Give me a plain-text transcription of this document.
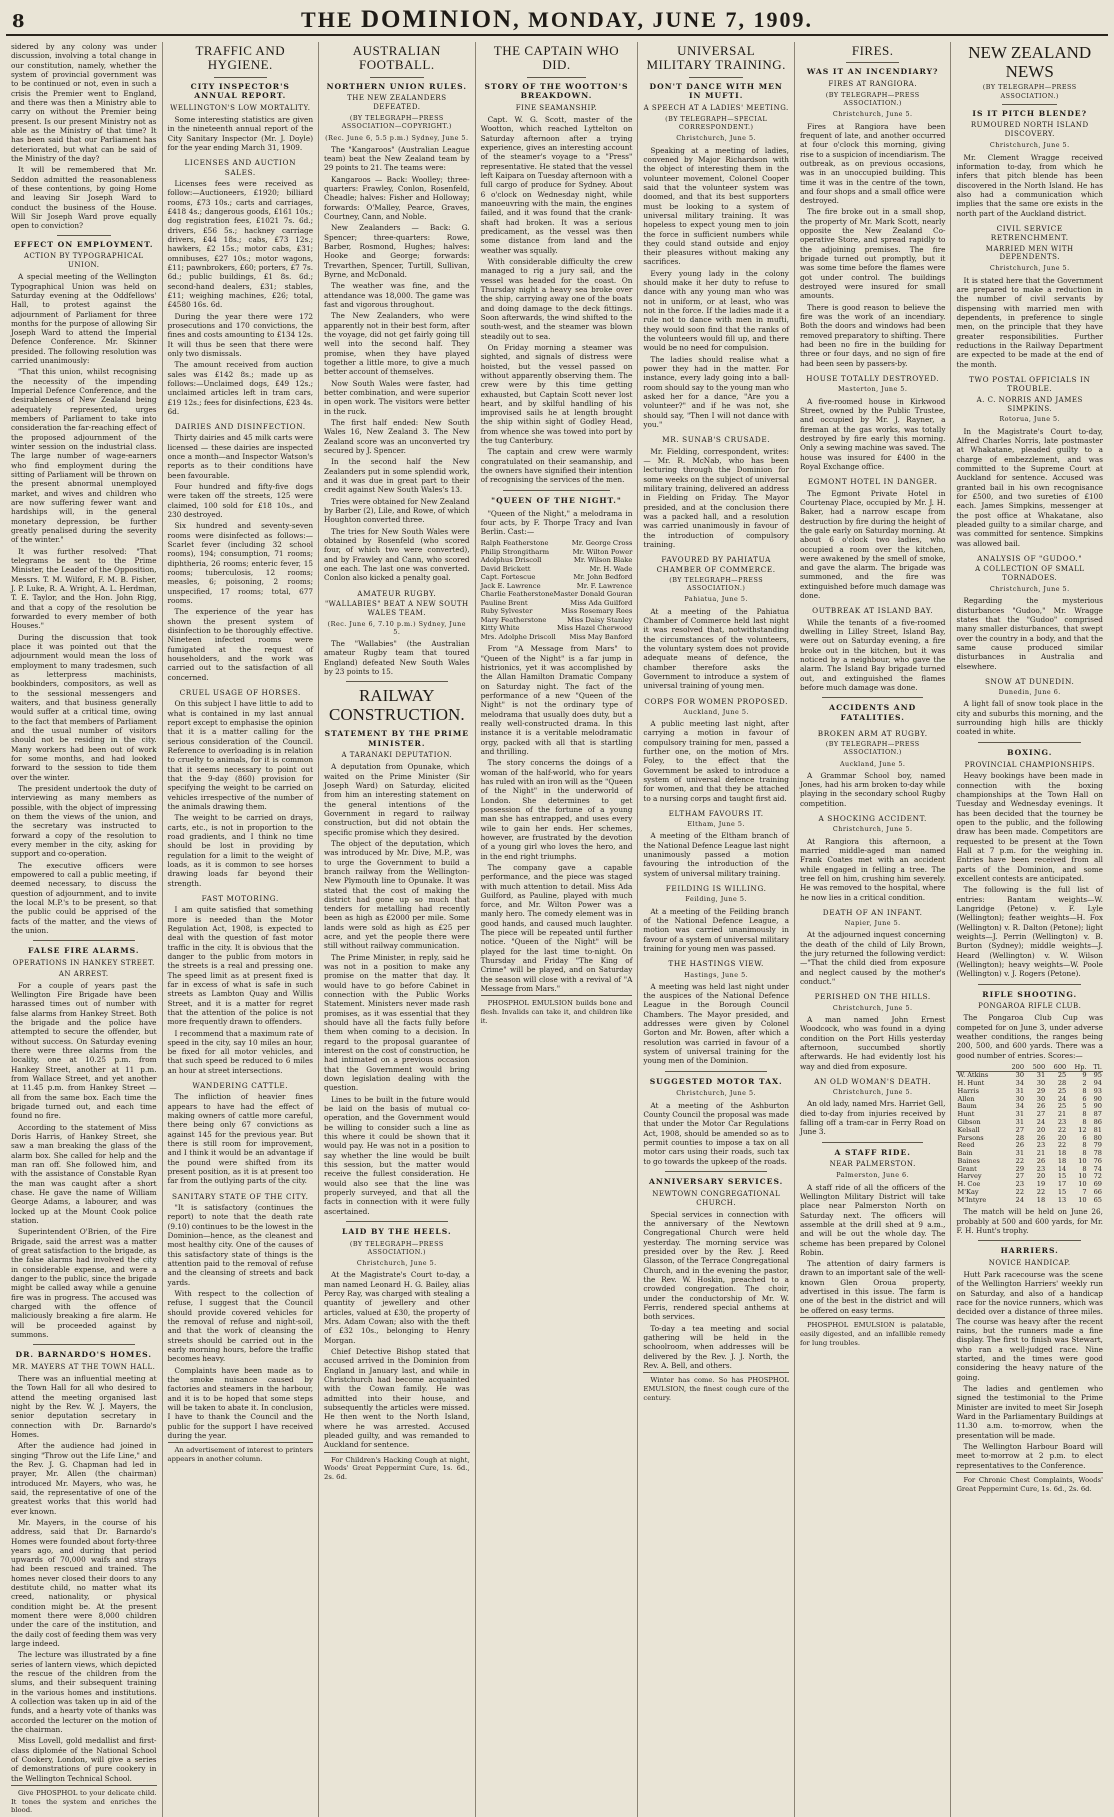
8	THE DOMINION, MONDAY, JUNE 7, 1909.

sidered by any colony was under discussion, involving a total change in our constitution, namely, whether the system of provincial government was to be continued or not, even in such a crisis the Premier went to England, and there was then a Ministry able to carry on without the Premier being present. Is our present Ministry not as able as the Ministry of that time? It has been said that our Parliament has deteriorated, but what can be said of the Ministry of the day?

It will be remembered that Mr. Seddon admitted the reasonableness of these contentions, by going Home and leaving Sir Joseph Ward to conduct the business of the House. Will Sir Joseph Ward prove equally open to conviction?

EFFECT ON EMPLOYMENT.
ACTION BY TYPOGRAPHICAL UNION.

A special meeting of the Wellington Typographical Union was held on Saturday evening at the Oddfellows' Hall, to protest against the adjournment of Parliament for three months for the purpose of allowing Sir Joseph Ward to attend the Imperial Defence Conference. Mr. Skinner presided. The following resolution was carried unanimously:

"That this union, whilst recognising the necessity of the impending Imperial Defence Conference, and the desirableness of New Zealand being adequately represented, urges members of Parliament to take into consideration the far-reaching effect of the proposed adjournment of the winter session on the industrial class. The large number of wage-earners who find employment during the sitting of Parliament will be thrown on the present abnormal unemployed market, and wives and children who are now suffering fewer want and hardships will, in the general monetary depression, be further greatly penalised during the severity of the winter."

It was further resolved: "That telegrams be sent to the Prime Minister, the Leader of the Opposition, Messrs. T. M. Wilford, F. M. B. Fisher, J. P. Luke, R. A. Wright, A. L. Herdman, T. E. Taylor, and the Hon. John Rigg, and that a copy of the resolution be forwarded to every member of both Houses."

During the discussion that took place it was pointed out that the adjournment would mean the loss of employment to many tradesmen, such as letterpress machinists, bookbinders, compositors, as well as to the sessional messengers and waiters, and that business generally would suffer at a critical time, owing to the fact that members of Parliament and the usual number of visitors should not be residing in the city. Many workers had been out of work for some months, and had looked forward to the session to tide them over the winter.

The president undertook the duty of interviewing as many members as possible, with the object of impressing on them the views of the union, and the secretary was instructed to forward a copy of the resolution to every member in the city, asking for support and co-operation.

The executive officers were empowered to call a public meeting, if deemed necessary, to discuss the question of adjournment, and to invite the local M.P.'s to be present, so that the public could be apprised of the facts of the matter, and the views of the union.

FALSE FIRE ALARMS.
OPERATIONS IN HANKEY STREET.
AN ARREST.

For a couple of years past the Wellington Fire Brigade have been harassed times out of number with false alarms from Hankey Street. Both the brigade and the police have attempted to secure the offender, but without success. On Saturday evening there were three alarms from the locality, one at 10.25 p.m. from Hankey Street, another at 11 p.m. from Wallace Street, and yet another at 11.45 p.m. from Hankey Street — all from the same box. Each time the brigade turned out, and each time found no fire.

According to the statement of Miss Doris Harris, of Hankey Street, she saw a man breaking the glass of the alarm box. She called for help and the man ran off. She followed him, and with the assistance of Constable Ryan the man was caught after a short chase. He gave the name of William George Adams, a labourer, and was locked up at the Mount Cook police station.

Superintendent O'Brien, of the Fire Brigade, said the arrest was a matter of great satisfaction to the brigade, as the false alarms had involved the city in considerable expense, and were a danger to the public, since the brigade might be called away while a genuine fire was in progress. The accused was charged with the offence of maliciously breaking a fire alarm. He will be proceeded against by summons.

DR. BARNARDO'S HOMES.
MR. MAYERS AT THE TOWN HALL.

There was an influential meeting at the Town Hall for all who desired to attend the meeting organised last night by the Rev. W. J. Mayers, the senior deputation secretary in connection with Dr. Barnardo's Homes.

After the audience had joined in singing "Throw out the Life Line," and the Rev. J. G. Chapman had led in prayer, Mr. Allen (the chairman) introduced Mr. Mayers, who was, he said, the representative of one of the greatest works that this world had ever known.

Mr. Mayers, in the course of his address, said that Dr. Barnardo's Homes were founded about forty-three years ago, and during that period upwards of 70,000 waifs and strays had been rescued and trained. The homes never closed their doors to any destitute child, no matter what its creed, nationality, or physical condition might be. At the present moment there were 8,000 children under the care of the institution, and the daily cost of feeding them was very large indeed.

The lecture was illustrated by a fine series of lantern views, which depicted the rescue of the children from the slums, and their subsequent training in the various homes and institutions. A collection was taken up in aid of the funds, and a hearty vote of thanks was accorded the lecturer on the motion of the chairman.

Miss Lovell, gold medallist and first-class diplomée of the National School of Cookery, London, will give a series of demonstrations of pure cookery in the Wellington Technical School.

Give PHOSPHOL to your delicate child. It tones the system and enriches the blood.

TRAFFIC AND HYGIENE.
CITY INSPECTOR'S ANNUAL REPORT.
WELLINGTON'S LOW MORTALITY.

Some interesting statistics are given in the nineteenth annual report of the City Sanitary Inspector (Mr. J. Doyle) for the year ending March 31, 1909.

LICENSES AND AUCTION SALES.

Licenses fees were received as follow:—Auctioneers, £1920; billiard rooms, £73 10s.; carts and carriages, £418 4s.; dangerous goods, £161 10s.; dog registration fees, £1021 7s. 6d.; drivers, £56 5s.; hackney carriage drivers, £44 18s.; cabs, £73 12s.; hawkers, £2 15s.; motor cabs, £31; omnibuses, £27 10s.; motor wagons, £11; pawnbrokers, £60; porters, £7 7s. 6d.; public buildings, £1 8s. 6d.; second-hand dealers, £31; stables, £11; weighing machines, £26; total, £4580 16s. 6d.

During the year there were 172 prosecutions and 170 convictions, the fines and costs amounting to £134 12s. It will thus be seen that there were only two dismissals.

The amount received from auction sales was £142 8s.; made up as follows:—Unclaimed dogs, £49 12s.; unclaimed articles left in tram cars, £19 12s.; fees for disinfections, £23 4s. 6d.

DAIRIES AND DISINFECTION.

Thirty dairies and 45 milk carts were licensed — these dairies are inspected once a month—and Inspector Watson's reports as to their conditions have been favourable.

Four hundred and fifty-five dogs were taken off the streets, 125 were claimed, 100 sold for £18 10s., and 230 destroyed.

Six hundred and seventy-seven rooms were disinfected as follows:—Scarlet fever (including 32 school rooms), 194; consumption, 71 rooms; diphtheria, 26 rooms; enteric fever, 15 rooms; tuberculosis, 12 rooms; measles, 6; poisoning, 2 rooms; unspecified, 17 rooms; total, 677 rooms.

The experience of the year has shown the present system of disinfection to be thoroughly effective. Nineteen infected rooms were fumigated at the request of householders, and the work was carried out to the satisfaction of all concerned.

CRUEL USAGE OF HORSES.

On this subject I have little to add to what is contained in my last annual report except to emphasise the opinion that it is a matter calling for the serious consideration of the Council. Reference to overloading is in relation to cruelty to animals, for it is common that it seems necessary to point out that the 9-day (860) provision for specifying the weight to be carried on vehicles irrespective of the number of the animals drawing them.

The weight to be carried on drays, carts, etc., is not in proportion to the road gradients, and I think no time should be lost in providing by regulation for a limit to the weight of loads, as it is common to see horses drawing loads far beyond their strength.

FAST MOTORING.

I am quite satisfied that something more is needed than the Motor Regulation Act, 1908, is expected to deal with the question of fast motor traffic in the city. It is obvious that the danger to the public from motors in the streets is a real and pressing one. The speed limit as at present fixed is far in excess of what is safe in such streets as Lambton Quay and Willis Street, and it is a matter for regret that the attention of the police is not more frequently drawn to offenders.

I recommend that a maximum rate of speed in the city, say 10 miles an hour, be fixed for all motor vehicles, and that such speed be reduced to 6 miles an hour at street intersections.

WANDERING CATTLE.

The infliction of heavier fines appears to have had the effect of making owners of cattle more careful, there being only 67 convictions as against 145 for the previous year. But there is still room for improvement, and I think it would be an advantage if the pound were shifted from its present position, as it is at present too far from the outlying parts of the city.

SANITARY STATE OF THE CITY.

"It is satisfactory (continues the report) to note that the death rate (9.10) continues to be the lowest in the Dominion—hence, as the cleanest and most healthy city. One of the causes of this satisfactory state of things is the attention paid to the removal of refuse and the cleansing of streets and back yards.

With respect to the collection of refuse, I suggest that the Council should provide covered vehicles for the removal of refuse and night-soil, and that the work of cleansing the streets should be carried out in the early morning hours, before the traffic becomes heavy.

Complaints have been made as to the smoke nuisance caused by factories and steamers in the harbour, and it is to be hoped that some steps will be taken to abate it. In conclusion, I have to thank the Council and the public for the support I have received during the year.

An advertisement of interest to printers appears in another column.

AUSTRALIAN FOOTBALL.
NORTHERN UNION RULES.
THE NEW ZEALANDERS DEFEATED.
(BY TELEGRAPH—PRESS ASSOCIATION—COPYRIGHT.)
(Rec. June 6, 5.5 p.m.) Sydney, June 5.

The "Kangaroos" (Australian League team) beat the New Zealand team by 29 points to 21. The teams were:

Kangaroos — Back: Woolley; three-quarters: Frawley, Conlon, Rosenfeld, Cheadle; halves: Fisher and Holloway; forwards: O'Malley, Pearce, Graves, Courtney, Cann, and Noble.

New Zealanders — Back: G. Spencer; three-quarters: Rowe, Barber, Rosmond, Hughes; halves: Hooke and George; forwards: Trevarthen, Spencer, Turtill, Sullivan, Byrne, and McDonald.

The weather was fine, and the attendance was 18,000. The game was fast and vigorous throughout.

The New Zealanders, who were apparently not in their best form, after the voyage, did not get fairly going till well into the second half. They promise, when they have played together a little more, to give a much better account of themselves.

Now South Wales were faster, had better combination, and were superior in open work. The visitors were better in the ruck.

The first half ended: New South Wales 16, New Zealand 3. The New Zealand score was an unconverted try secured by J. Spencer.

In the second half the New Zealanders put in some splendid work, and it was due in great part to their credit against New South Wales's 13.

Tries were obtained for New Zealand by Barber (2), Lile, and Rowe, of which Houghton converted three.

The tries for New South Wales were obtained by Rosenfeld (who scored four, of which two were converted), and by Frawley and Cann, who scored one each. The last one was converted. Conlon also kicked a penalty goal.

AMATEUR RUGBY.
"WALLABIES" BEAT A NEW SOUTH WALES TEAM.
(Rec. June 6, 7.10 p.m.) Sydney, June 5.

The "Wallabies" (the Australian amateur Rugby team that toured England) defeated New South Wales by 23 points to 15.

RAILWAY CONSTRUCTION.
STATEMENT BY THE PRIME MINISTER.
A TARANAKI DEPUTATION.

A deputation from Opunake, which waited on the Prime Minister (Sir Joseph Ward) on Saturday, elicited from him an interesting statement on the general intentions of the Government in regard to railway construction, but did not obtain the specific promise which they desired.

The object of the deputation, which was introduced by Mr. Dive, M.P., was to urge the Government to build a branch railway from the Wellington-New Plymouth line to Opunake. It was stated that the cost of making the district had gone up so much that tenders for metalling had recently been as high as £2000 per mile. Some lands were sold as high as £25 per acre, and yet the people there were still without railway communication.

The Prime Minister, in reply, said he was not in a position to make any promise on the matter that day. It would have to go before Cabinet in connection with the Public Works Statement. Ministers never made rash promises, as it was essential that they should have all the facts fully before them when coming to a decision. In regard to the proposal guarantee of interest on the cost of construction, he had intimated on a previous occasion that the Government would bring down legislation dealing with the question.

Lines to be built in the future would be laid on the basis of mutual co-operation, and the Government would be willing to consider such a line as this where it could be shown that it would pay. He was not in a position to say whether the line would be built this session, but the matter would receive the fullest consideration. He would also see that the line was properly surveyed, and that all the facts in connection with it were fully ascertained.

LAID BY THE HEELS.
(BY TELEGRAPH—PRESS ASSOCIATION.)
Christchurch, June 5.

At the Magistrate's Court to-day, a man named Leonard H. G. Bailey, alias Percy Ray, was charged with stealing a quantity of jewellery and other articles, valued at £30, the property of Mrs. Adam Cowan; also with the theft of £32 10s., belonging to Henry Morgan.

Chief Detective Bishop stated that accused arrived in the Dominion from England in January last, and while in Christchurch had become acquainted with the Cowan family. He was admitted into their house, and subsequently the articles were missed. He then went to the North Island, where he was arrested. Accused pleaded guilty, and was remanded to Auckland for sentence.

For Children's Hacking Cough at night, Woods' Great Peppermint Cure, 1s. 6d., 2s. 6d.

THE CAPTAIN WHO DID.
STORY OF THE WOOTTON'S BREAKDOWN.
FINE SEAMANSHIP.

Capt. W. G. Scott, master of the Wootton, which reached Lyttelton on Saturday afternoon after a trying experience, gives an interesting account of the steamer's voyage to a "Press" representative. He stated that the vessel left Kaipara on Tuesday afternoon with a full cargo of produce for Sydney. About 6 o'clock on Wednesday night, while manoeuvring with the main, the engines failed, and it was found that the crank-shaft had broken. It was a serious predicament, as the vessel was then some distance from land and the weather was squally.

With considerable difficulty the crew managed to rig a jury sail, and the vessel was headed for the coast. On Thursday night a heavy sea broke over the ship, carrying away one of the boats and doing damage to the deck fittings. Soon afterwards, the wind shifted to the south-west, and the steamer was blown steadily out to sea.

On Friday morning a steamer was sighted, and signals of distress were hoisted, but the vessel passed on without apparently observing them. The crew were by this time getting exhausted, but Captain Scott never lost heart, and by skilful handling of his improvised sails he at length brought the ship within sight of Godley Head, from whence she was towed into port by the tug Canterbury.

The captain and crew were warmly congratulated on their seamanship, and the owners have signified their intention of recognising the services of the men.

"QUEEN OF THE NIGHT."

"Queen of the Night," a melodrama in four acts, by F. Thorpe Tracy and Ivan Berlin. Cast:—

Ralph Featherstone	Mr. George Cross
Philip Strongitharm	Mr. Wilton Power
Adolphus Driscoll	Mr. Wilson Blake
David Brickett	Mr. H. Wade
Capt. Fortescue	Mr. John Bedford
Jack E. Lawrence	Mr. F. Lawrence
Charlie Featherstone Master Donald Gouran
Pauline Brent	Miss Ada Guilford
Ruby Sylvester	Miss Rosemary Rees
Mary Featherstone	Miss Daisy Stanley
Kitty White	Miss Hazel Cherwood
Mrs. Adolphe Driscoll Miss May Banford

From "A Message from Mars" to "Queen of the Night" is a far jump in histrionics, yet it was accomplished by the Allan Hamilton Dramatic Company on Saturday night. The fact of the performance of a new "Queen of the Night" is not the ordinary type of melodrama that usually does duty, but a really well-constructed drama. In this instance it is a veritable melodramatic orgy, packed with all that is startling and thrilling.

The story concerns the doings of a woman of the half-world, who for years has ruled with an iron will as the "Queen of the Night" in the underworld of London. She determines to get possession of the fortune of a young man she has entrapped, and uses every wile to gain her ends. Her schemes, however, are frustrated by the devotion of a young girl who loves the hero, and in the end right triumphs.

The company gave a capable performance, and the piece was staged with much attention to detail. Miss Ada Guilford, as Pauline, played with much force, and Mr. Wilton Power was a manly hero. The comedy element was in good hands, and caused much laughter. The piece will be repeated until further notice. "Queen of the Night" will be played for the last time to-night. On Thursday and Friday "The King of Crime" will be played, and on Saturday the season will close with a revival of "A Message from Mars."

PHOSPHOL EMULSION builds bone and flesh. Invalids can take it, and children like it.

UNIVERSAL MILITARY TRAINING.
DON'T DANCE WITH MEN IN MUFTI.
A SPEECH AT A LADIES' MEETING.
(BY TELEGRAPH—SPECIAL CORRESPONDENT.)
Christchurch, June 5.

Speaking at a meeting of ladies, convened by Major Richardson with the object of interesting them in the volunteer movement, Colonel Cooper said that the volunteer system was doomed, and that its best supporters must be looking to a system of universal military training. It was hopeless to expect young men to join the force in sufficient numbers while they could stand outside and enjoy their pleasures without making any sacrifices.

Every young lady in the colony should make it her duty to refuse to dance with any young man who was not in uniform, or at least, who was not in the force. If the ladies made it a rule not to dance with men in mufti, they would soon find that the ranks of the volunteers would fill up, and there would be no need for compulsion.

The ladies should realise what a power they had in the matter. For instance, every lady going into a ball-room should say to the young man who asked her for a dance, "Are you a volunteer?" and if he was not, she should say, "Then I will not dance with you."

MR. SUNAB'S CRUSADE.

Mr. Fielding, correspondent, writes:— Mr. R. McNab, who has been lecturing through the Dominion for some weeks on the subject of universal military training, delivered an address in Fielding on Friday. The Mayor presided, and at the conclusion there was a packed hall, and a resolution was carried unanimously in favour of the introduction of compulsory training.

FAVOURED BY PAHIATUA CHAMBER OF COMMERCE.
(BY TELEGRAPH—PRESS ASSOCIATION.)
Pahiatua, June 5.

At a meeting of the Pahiatua Chamber of Commerce held last night it was resolved that, notwithstanding the circumstances of the volunteers, the voluntary system does not provide adequate means of defence, the chamber therefore asks the Government to introduce a system of universal training of young men.

CORPS FOR WOMEN PROPOSED.
Auckland, June 5.

A public meeting last night, after carrying a motion in favour of compulsory training for men, passed a further one, on the motion of Mrs. Foley, to the effect that the Government be asked to introduce a system of universal defence training for women, and that they be attached to a nursing corps and taught first aid.

ELTHAM FAVOURS IT.
Eltham, June 5.

A meeting of the Eltham branch of the National Defence League last night unanimously passed a motion favouring the introduction of the system of universal military training.

FEILDING IS WILLING.
Feilding, June 5.

At a meeting of the Feilding branch of the National Defence League, a motion was carried unanimously in favour of a system of universal military training for young men was passed.

THE HASTINGS VIEW.
Hastings, June 5.

A meeting was held last night under the auspices of the National Defence League in the Borough Council Chambers. The Mayor presided, and addresses were given by Colonel Gorton and Mr. Bowen, after which a resolution was carried in favour of a system of universal training for the young men of the Dominion.

SUGGESTED MOTOR TAX.
Christchurch, June 5.

At a meeting of the Ashburton County Council the proposal was made that under the Motor Car Regulations Act, 1908, should be amended so as to permit counties to impose a tax on all motor cars using their roads, such tax to go towards the upkeep of the roads.

ANNIVERSARY SERVICES.
NEWTOWN CONGREGATIONAL CHURCH.

Special services in connection with the anniversary of the Newtown Congregational Church were held yesterday. The morning service was presided over by the Rev. J. Reed Glasson, of the Terrace Congregational Church, and in the evening the pastor, the Rev. W. Hoskin, preached to a crowded congregation. The choir, under the conductorship of Mr. W. Ferris, rendered special anthems at both services.

To-day a tea meeting and social gathering will be held in the schoolroom, when addresses will be delivered by the Rev. J. J. North, the Rev. A. Bell, and others.

Winter has come. So has PHOSPHOL EMULSION, the finest cough cure of the century.

FIRES.
WAS IT AN INCENDIARY?
FIRES AT RANGIORA.
(BY TELEGRAPH—PRESS ASSOCIATION.)
Christchurch, June 5.

Fires at Rangiora have been frequent of late, and another occurred at four o'clock this morning, giving rise to a suspicion of incendiarism. The outbreak, as on previous occasions, was in an unoccupied building. This time it was in the centre of the town, and four shops and a small office were destroyed.

The fire broke out in a small shop, the property of Mr. Mark Scott, nearly opposite the New Zealand Co-operative Store, and spread rapidly to the adjoining premises. The fire brigade turned out promptly, but it was some time before the flames were got under control. The buildings destroyed were insured for small amounts.

There is good reason to believe the fire was the work of an incendiary. Both the doors and windows had been removed preparatory to shifting. There had been no fire in the building for three or four days, and no sign of fire had been seen by passers-by.

HOUSE TOTALLY DESTROYED.
Masterton, June 5.

A five-roomed house in Kirkwood Street, owned by the Public Trustee, and occupied by Mr. J. Rayner, a fireman at the gas works, was totally destroyed by fire early this morning. Only a sewing machine was saved. The house was insured for £400 in the Royal Exchange office.

EGMONT HOTEL IN DANGER.

The Egmont Private Hotel in Courtenay Place, occupied by Mr. J. H. Baker, had a narrow escape from destruction by fire during the height of the gale early on Saturday morning. At about 6 o'clock two ladies, who occupied a room over the kitchen, were awakened by the smell of smoke, and gave the alarm. The brigade was summoned, and the fire was extinguished before much damage was done.

OUTBREAK AT ISLAND BAY.

While the tenants of a five-roomed dwelling in Lilley Street, Island Bay, were out on Saturday evening, a fire broke out in the kitchen, but it was noticed by a neighbour, who gave the alarm. The Island Bay brigade turned out, and extinguished the flames before much damage was done.

ACCIDENTS AND FATALITIES.
BROKEN ARM AT RUGBY.
(BY TELEGRAPH—PRESS ASSOCIATION.)
Auckland, June 5.

A Grammar School boy, named Jones, had his arm broken to-day while playing in the secondary school Rugby competition.

A SHOCKING ACCIDENT.
Christchurch, June 5.

At Rangiora this afternoon, a married middle-aged man named Frank Coates met with an accident while engaged in felling a tree. The tree fell on him, crushing him severely. He was removed to the hospital, where he now lies in a critical condition.

DEATH OF AN INFANT.
Napier, June 5.

At the adjourned inquest concerning the death of the child of Lily Brown, the jury returned the following verdict:—"That the child died from exposure and neglect caused by the mother's conduct."

PERISHED ON THE HILLS.
Christchurch, June 5.

A man named John Ernest Woodcock, who was found in a dying condition on the Port Hills yesterday afternoon, succumbed shortly afterwards. He had evidently lost his way and died from exposure.

AN OLD WOMAN'S DEATH.
Christchurch, June 5.

An old lady, named Mrs. Harriet Gell, died to-day from injuries received by falling off a tram-car in Ferry Road on June 3.

A STAFF RIDE.
NEAR PALMERSTON.
Palmerston, June 6.

A staff ride of all the officers of the Wellington Military District will take place near Palmerston North on Saturday next. The officers will assemble at the drill shed at 9 a.m., and will be out the whole day. The scheme has been prepared by Colonel Robin.

The attention of dairy farmers is drawn to an important sale of the well-known Glen Oroua property, advertised in this issue. The farm is one of the best in the district and will be offered on easy terms.

PHOSPHOL EMULSION is palatable, easily digested, and an infallible remedy for lung troubles.

NEW ZEALAND NEWS
(BY TELEGRAPH—PRESS ASSOCIATION.)
IS IT PITCH BLENDE?
RUMOURED NORTH ISLAND DISCOVERY.
Christchurch, June 5.

Mr. Clement Wragge received information to-day, from which he infers that pitch blende has been discovered in the North Island. He has also had a communication which implies that the same ore exists in the north part of the Auckland district.

CIVIL SERVICE RETRENCHMENT.
MARRIED MEN WITH DEPENDENTS.
Christchurch, June 5.

It is stated here that the Government are prepared to make a reduction in the number of civil servants by dispensing with married men with dependents, in preference to single men, on the principle that they have greater responsibilities. Further reductions in the Railway Department are expected to be made at the end of the month.

TWO POSTAL OFFICIALS IN TROUBLE.
A. C. NORRIS AND JAMES SIMPKINS.
Rotorua, June 5.

In the Magistrate's Court to-day, Alfred Charles Norris, late postmaster at Whakatane, pleaded guilty to a charge of embezzlement, and was committed to the Supreme Court at Auckland for sentence. Accused was granted bail in his own recognisance for £500, and two sureties of £100 each. James Simpkins, messenger at the post office at Whakatane, also pleaded guilty to a similar charge, and was committed for sentence. Simpkins was allowed bail.

ANALYSIS OF "GUDOO."
A COLLECTION OF SMALL TORNADOES.
Christchurch, June 5.

Regarding the mysterious disturbances "Gudoo," Mr. Wragge states that the "Gudoo" comprised many smaller disturbances, that swept over the country in a body, and that the same cause produced similar disturbances in Australia and elsewhere.

SNOW AT DUNEDIN.
Dunedin, June 6.

A light fall of snow took place in the city and suburbs this morning, and the surrounding high hills are thickly coated in white.

BOXING.
PROVINCIAL CHAMPIONSHIPS.

Heavy bookings have been made in connection with the boxing championships at the Town Hall on Tuesday and Wednesday evenings. It has been decided that the tourney be open to the public, and the following draw has been made. Competitors are requested to be present at the Town Hall at 7 p.m. for the weighing in. Entries have been received from all parts of the Dominion, and some excellent contests are anticipated.

The following is the full list of entries: Bantam weights—W. Langridge (Petone) v. F. Lyle (Wellington); feather weights—H. Fox (Wellington) v. R. Dalton (Petone); light weights—J. Perrin (Wellington) v. B. Burton (Sydney); middle weights—J. Heard (Wellington) v. W. Wilson (Wellington); heavy weights—W. Poole (Wellington) v. J. Rogers (Petone).

RIFLE SHOOTING.
PONGAROA RIFLE CLUB.

The Pongaroa Club Cup was competed for on June 3, under adverse weather conditions, the ranges being 200, 500, and 600 yards. There was a good number of entries. Scores:—

	200	500	600	Hp.	Tl.
W. Atkins	30	31	25	9	95
H. Hunt	34	30	28	2	94
Harris	31	29	25	8	93
Allen	30	30	24	6	90
Baum	34	26	25	5	90
Hunt	31	27	21	8	87
Gibson	31	24	23	8	86
Kelsall	27	20	22	12	81
Parsons	28	26	20	6	80
Reed	26	23	22	8	79
Bain	31	21	18	8	78
Baines	22	26	18	10	76
Grant	29	23	14	8	74
Harvey	27	20	15	10	72
H. Coe	23	19	17	10	69
M'Kay	22	22	15	7	66
M'Intyre	24	18	13	10	65

The match will be held on June 26, probably at 500 and 600 yards, for Mr. F. H. Hunt's trophy.

HARRIERS.
NOVICE HANDICAP.

Hutt Park racecourse was the scene of the Wellington Harriers' weekly run on Saturday, and also of a handicap race for the novice runners, which was decided over a distance of three miles. The course was heavy after the recent rains, but the runners made a fine display. The first to finish was Stewart, who ran a well-judged race. Nine started, and the times were good considering the heavy nature of the going.

The ladies and gentlemen who signed the testimonial to the Prime Minister are invited to meet Sir Joseph Ward in the Parliamentary Buildings at 11.30 a.m. to-morrow, when the presentation will be made.

The Wellington Harbour Board will meet to-morrow at 2 p.m. to elect representatives to the Conference.

For Chronic Chest Complaints, Woods' Great Peppermint Cure, 1s. 6d., 2s. 6d.
